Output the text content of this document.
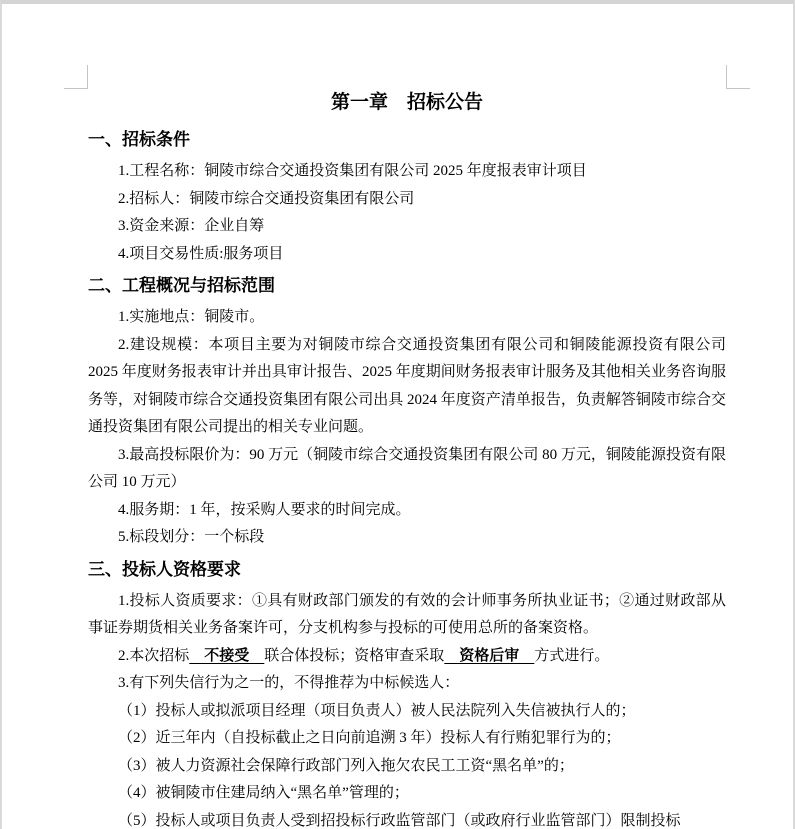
第一章　招标公告
一、招标条件

1.工程名称：铜陵市综合交通投资集团有限公司 2025 年度报表审计项目

2.招标人：铜陵市综合交通投资集团有限公司

3.资金来源：企业自筹

4.项目交易性质:服务项目

二、工程概况与招标范围

1.实施地点：铜陵市。

2.建设规模：本项目主要为对铜陵市综合交通投资集团有限公司和铜陵能源投资有限公司 2025 年度财务报表审计并出具审计报告、2025 年度期间财务报表审计服务及其他相关业务咨询服务等，对铜陵市综合交通投资集团有限公司出具 2024 年度资产清单报告，负责解答铜陵市综合交通投资集团有限公司提出的相关专业问题。

3.最高投标限价为：90 万元（铜陵市综合交通投资集团有限公司 80 万元，铜陵能源投资有限公司 10 万元）

4.服务期：1 年，按采购人要求的时间完成。

5.标段划分：一个标段

三、投标人资格要求

1.投标人资质要求：①具有财政部门颁发的有效的会计师事务所执业证书；②通过财政部从事证券期货相关业务备案许可，分支机构参与投标的可使用总所的备案资格。

2.本次招标　不接受　联合体投标；资格审查采取　资格后审　方式进行。

3.有下列失信行为之一的，不得推荐为中标候选人：

（1）投标人或拟派项目经理（项目负责人）被人民法院列入失信被执行人的；

（2）近三年内（自投标截止之日向前追溯 3 年）投标人有行贿犯罪行为的；

（3）被人力资源社会保障行政部门列入拖欠农民工工资“黑名单”的；

（4）被铜陵市住建局纳入“黑名单”管理的；

（5）投标人或项目负责人受到招投标行政监管部门（或政府行业监管部门）限制投标
